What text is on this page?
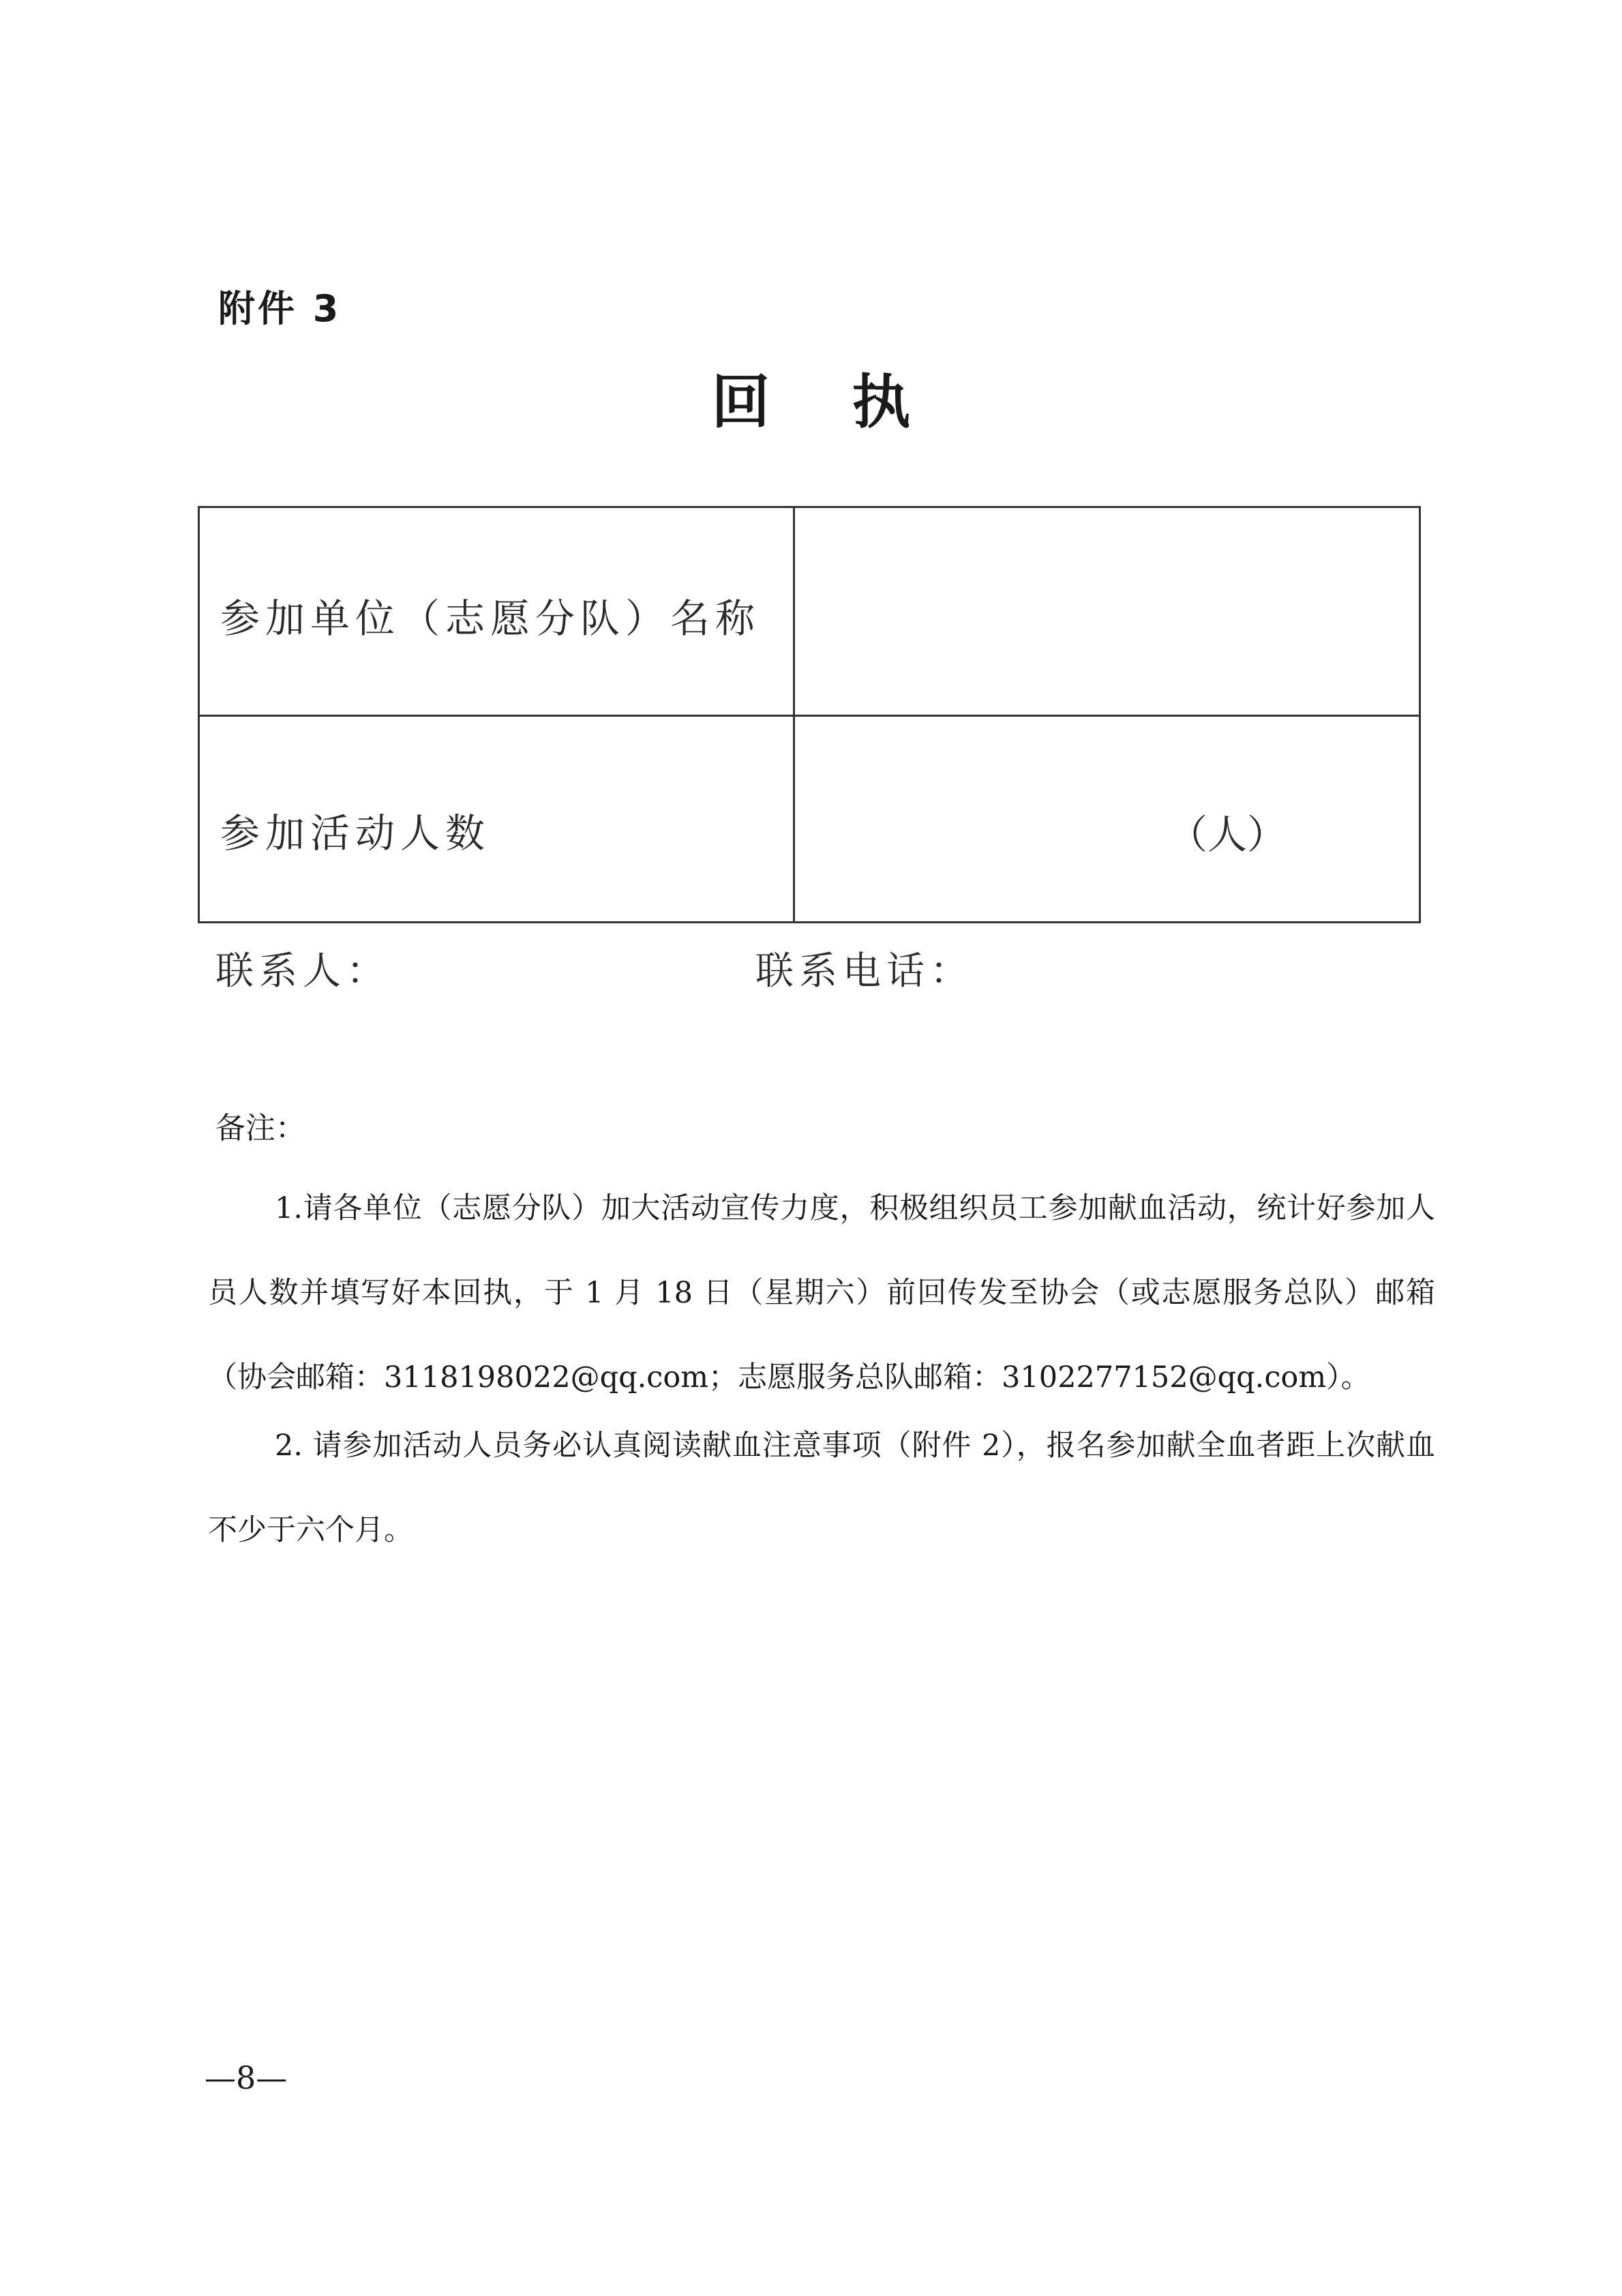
附件 3
回执
参加单位（志愿分队）名称
参加活动人数	（人）
联系人：	联系电话：
备注：
1.请各单位（志愿分队）加大活动宣传力度，积极组织员工参加献血活动，统计好参加人员人数并填写好本回执，于 1 月 18 日（星期六）前回传发至协会（或志愿服务总队）邮箱（协会邮箱：3118198022@qq.com；志愿服务总队邮箱：3102277152@qq.com）。
2. 请参加活动人员务必认真阅读献血注意事项（附件 2），报名参加献全血者距上次献血不少于六个月。
—8—
